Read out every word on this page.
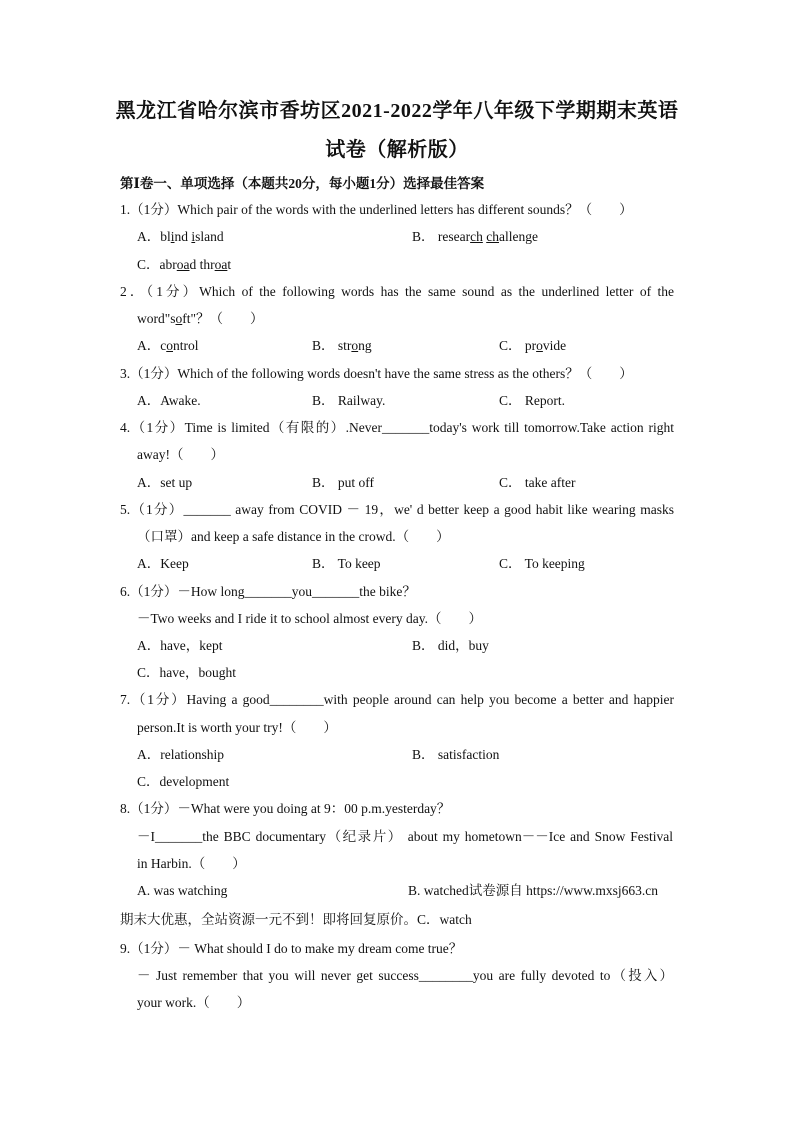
黑龙江省哈尔滨市香坊区2021-2022学年八年级下学期期末英语
试卷（解析版）
第Ⅰ卷一、单项选择（本题共20分，每小题1分）选择最佳答案
1.（1分）Which pair of the words with the underlined letters has different sounds？（　　）
A．blind island	B． research challenge
C．abroad throat
2．（1分）Which of the following words has the same sound as the underlined letter of the
word"soft"？（　　）
A．control	B． strong	C． provide
3.（1分）Which of the following words doesn't have the same stress as the others？（　　）
A．Awake.	B． Railway.	C． Report.
4.（1分）Time is limited（有限的）.Never_______today's work till tomorrow.Take action right
away!（　　）
A．set up	B． put off	C． take after
5.（1分）_______ away from COVID － 19，we' d better keep a good habit like wearing masks
（口罩）and keep a safe distance in the crowd.（　　）
A．Keep	B． To keep	C． To keeping
6.（1分）－How long_______you_______the bike？
－Two weeks and I ride it to school almost every day.（　　）
A．have，kept	B． did，buy
C．have，bought
7.（1分）Having a good________with people around can help you become a better and happier
person.It is worth your try!（　　）
A．relationship	B． satisfaction
C．development
8.（1分）－What were you doing at 9：00 p.m.yesterday？
－I_______the BBC documentary（纪录片） about my hometown－－Ice and Snow Festival
in Harbin.（　　）
A. was watching	B. watched试卷源自 https://www.mxsj663.cn
期末大优惠，全站资源一元不到！即将回复原价。C．watch
9.（1分）－ What should I do to make my dream come true？
－ Just remember that you will never get success________you are fully devoted to（投入）
your work.（　　）
